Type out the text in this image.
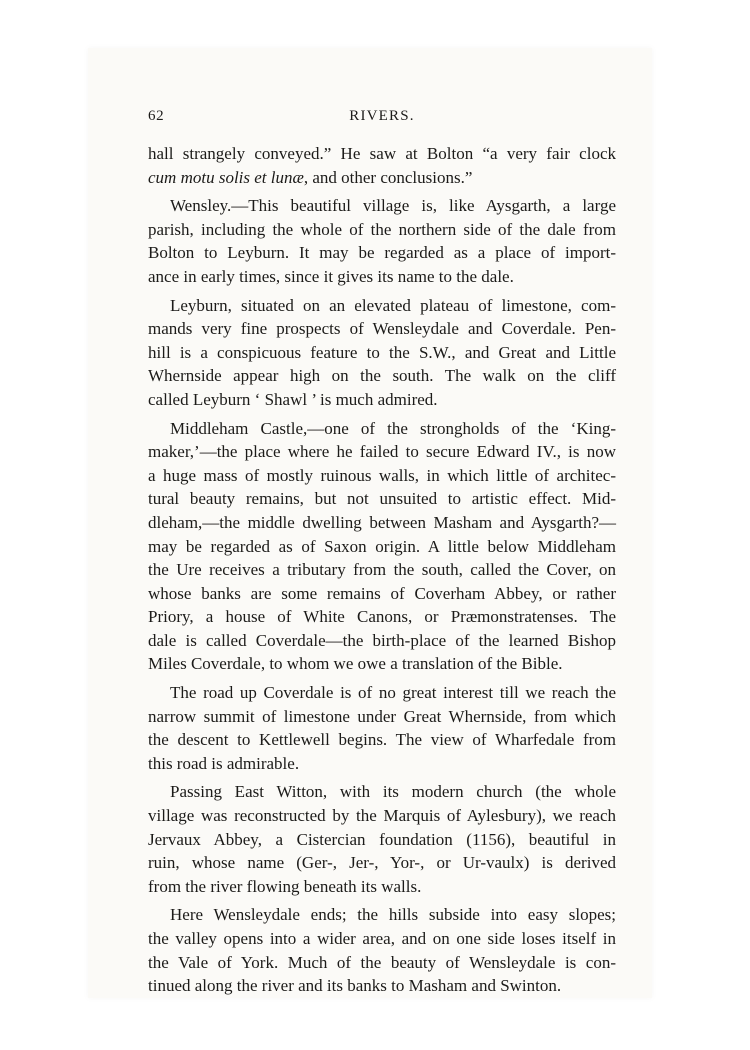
62	RIVERS.
hall strangely conveyed.” He saw at Bolton “a very fair clock
cum motu solis et lunæ, and other conclusions.”
Wensley.—This beautiful village is, like Aysgarth, a large
parish, including the whole of the northern side of the dale from
Bolton to Leyburn. It may be regarded as a place of import-
ance in early times, since it gives its name to the dale.
Leyburn, situated on an elevated plateau of limestone, com-
mands very fine prospects of Wensleydale and Coverdale. Pen-
hill is a conspicuous feature to the S.W., and Great and Little
Whernside appear high on the south. The walk on the cliff
called Leyburn ‘ Shawl ’ is much admired.
Middleham Castle,—one of the strongholds of the ‘King-
maker,’—the place where he failed to secure Edward IV., is now
a huge mass of mostly ruinous walls, in which little of architec-
tural beauty remains, but not unsuited to artistic effect. Mid-
dleham,—the middle dwelling between Masham and Aysgarth?—
may be regarded as of Saxon origin. A little below Middleham
the Ure receives a tributary from the south, called the Cover, on
whose banks are some remains of Coverham Abbey, or rather
Priory, a house of White Canons, or Præmonstratenses. The
dale is called Coverdale—the birth-place of the learned Bishop
Miles Coverdale, to whom we owe a translation of the Bible.
The road up Coverdale is of no great interest till we reach the
narrow summit of limestone under Great Whernside, from which
the descent to Kettlewell begins. The view of Wharfedale from
this road is admirable.
Passing East Witton, with its modern church (the whole
village was reconstructed by the Marquis of Aylesbury), we reach
Jervaux Abbey, a Cistercian foundation (1156), beautiful in
ruin, whose name (Ger-, Jer-, Yor-, or Ur-vaulx) is derived
from the river flowing beneath its walls.
Here Wensleydale ends; the hills subside into easy slopes;
the valley opens into a wider area, and on one side loses itself in
the Vale of York. Much of the beauty of Wensleydale is con-
tinued along the river and its banks to Masham and Swinton.
